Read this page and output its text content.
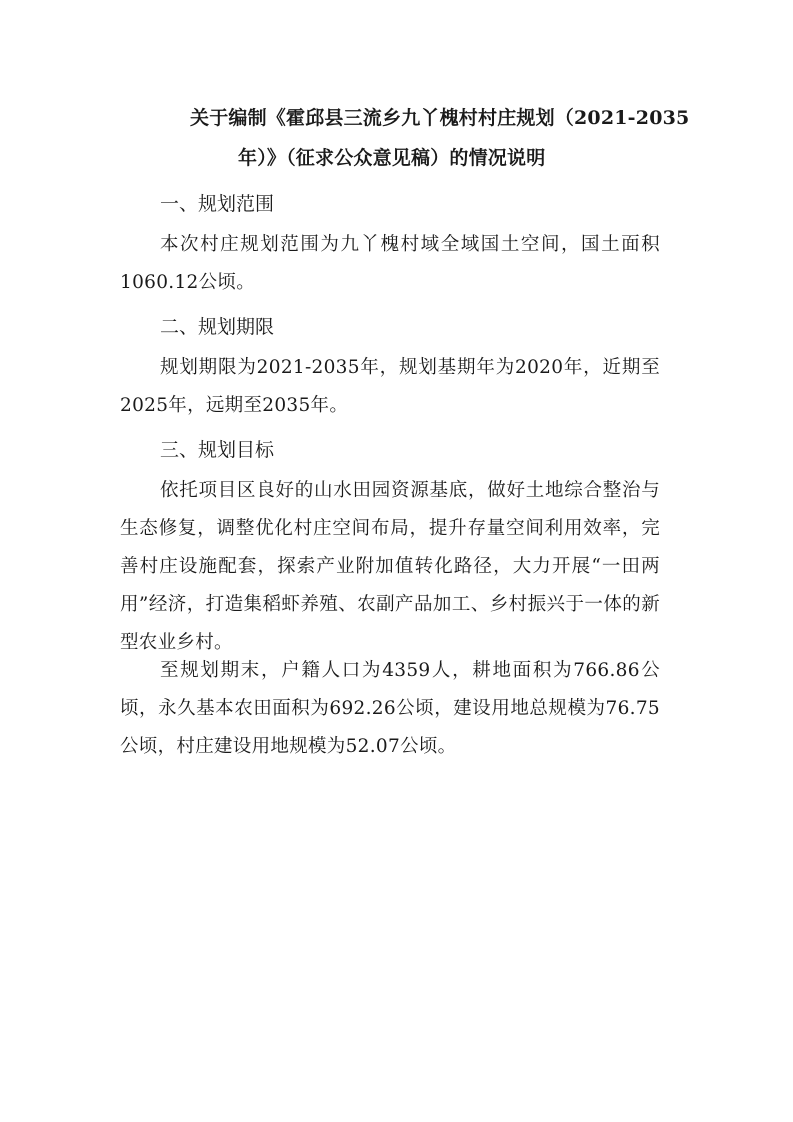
关于编制《霍邱县三流乡九丫槐村村庄规划（2021-2035
年）》（征求公众意见稿）的情况说明
一、规划范围
本次村庄规划范围为九丫槐村域全域国土空间，国土面积1060.12公顷。
二、规划期限
规划期限为2021-2035年，规划基期年为2020年，近期至2025年，远期至2035年。
三、规划目标
依托项目区良好的山水田园资源基底，做好土地综合整治与生态修复，调整优化村庄空间布局，提升存量空间利用效率，完善村庄设施配套，探索产业附加值转化路径，大力开展“一田两用”经济，打造集稻虾养殖、农副产品加工、乡村振兴于一体的新型农业乡村。
至规划期末，户籍人口为4359人，耕地面积为766.86公顷，永久基本农田面积为692.26公顷，建设用地总规模为76.75公顷，村庄建设用地规模为52.07公顷。
